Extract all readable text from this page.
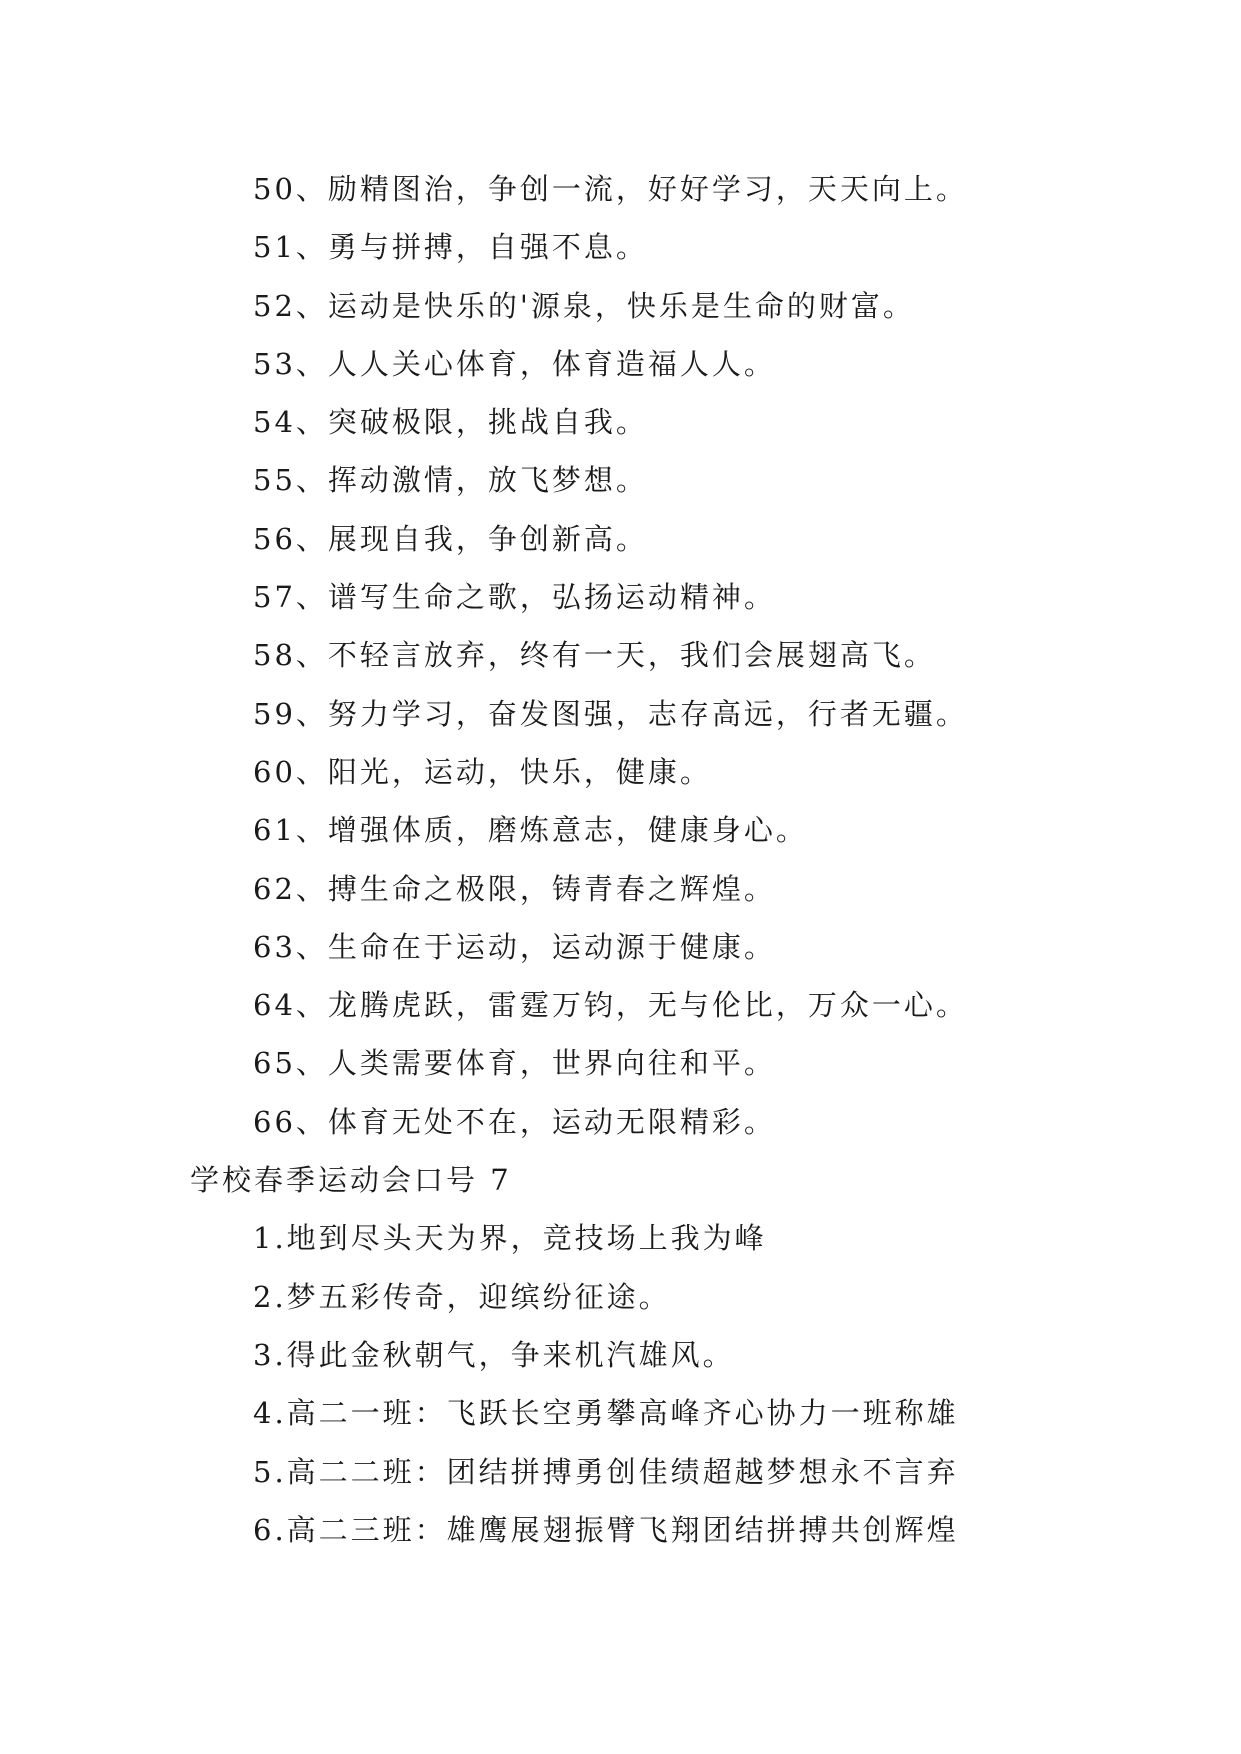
50、励精图治，争创一流，好好学习，天天向上。
51、勇与拼搏，自强不息。
52、运动是快乐的'源泉，快乐是生命的财富。
53、人人关心体育，体育造福人人。
54、突破极限，挑战自我。
55、挥动激情，放飞梦想。
56、展现自我，争创新高。
57、谱写生命之歌，弘扬运动精神。
58、不轻言放弃，终有一天，我们会展翅高飞。
59、努力学习，奋发图强，志存高远，行者无疆。
60、阳光，运动，快乐，健康。
61、增强体质，磨炼意志，健康身心。
62、搏生命之极限，铸青春之辉煌。
63、生命在于运动，运动源于健康。
64、龙腾虎跃，雷霆万钧，无与伦比，万众一心。
65、人类需要体育，世界向往和平。
66、体育无处不在，运动无限精彩。
学校春季运动会口号 7
1.地到尽头天为界，竞技场上我为峰
2.梦五彩传奇，迎缤纷征途。
3.得此金秋朝气，争来机汽雄风。
4.高二一班：飞跃长空勇攀高峰齐心协力一班称雄
5.高二二班：团结拼搏勇创佳绩超越梦想永不言弃
6.高二三班：雄鹰展翅振臂飞翔团结拼搏共创辉煌
